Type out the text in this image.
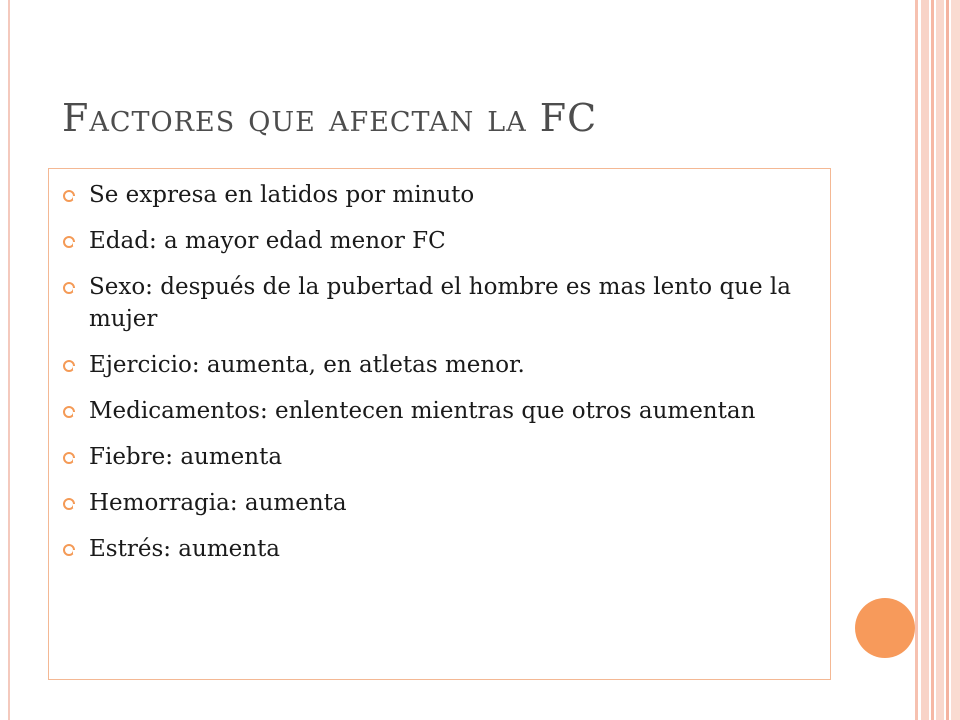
Factores que afectan la FC
Se expresa en latidos por minuto
Edad: a mayor edad menor FC
Sexo: después de la pubertad el hombre es mas lento que la mujer
Ejercicio: aumenta, en atletas menor.
Medicamentos: enlentecen mientras que otros aumentan
Fiebre: aumenta
Hemorragia: aumenta
Estrés: aumenta
